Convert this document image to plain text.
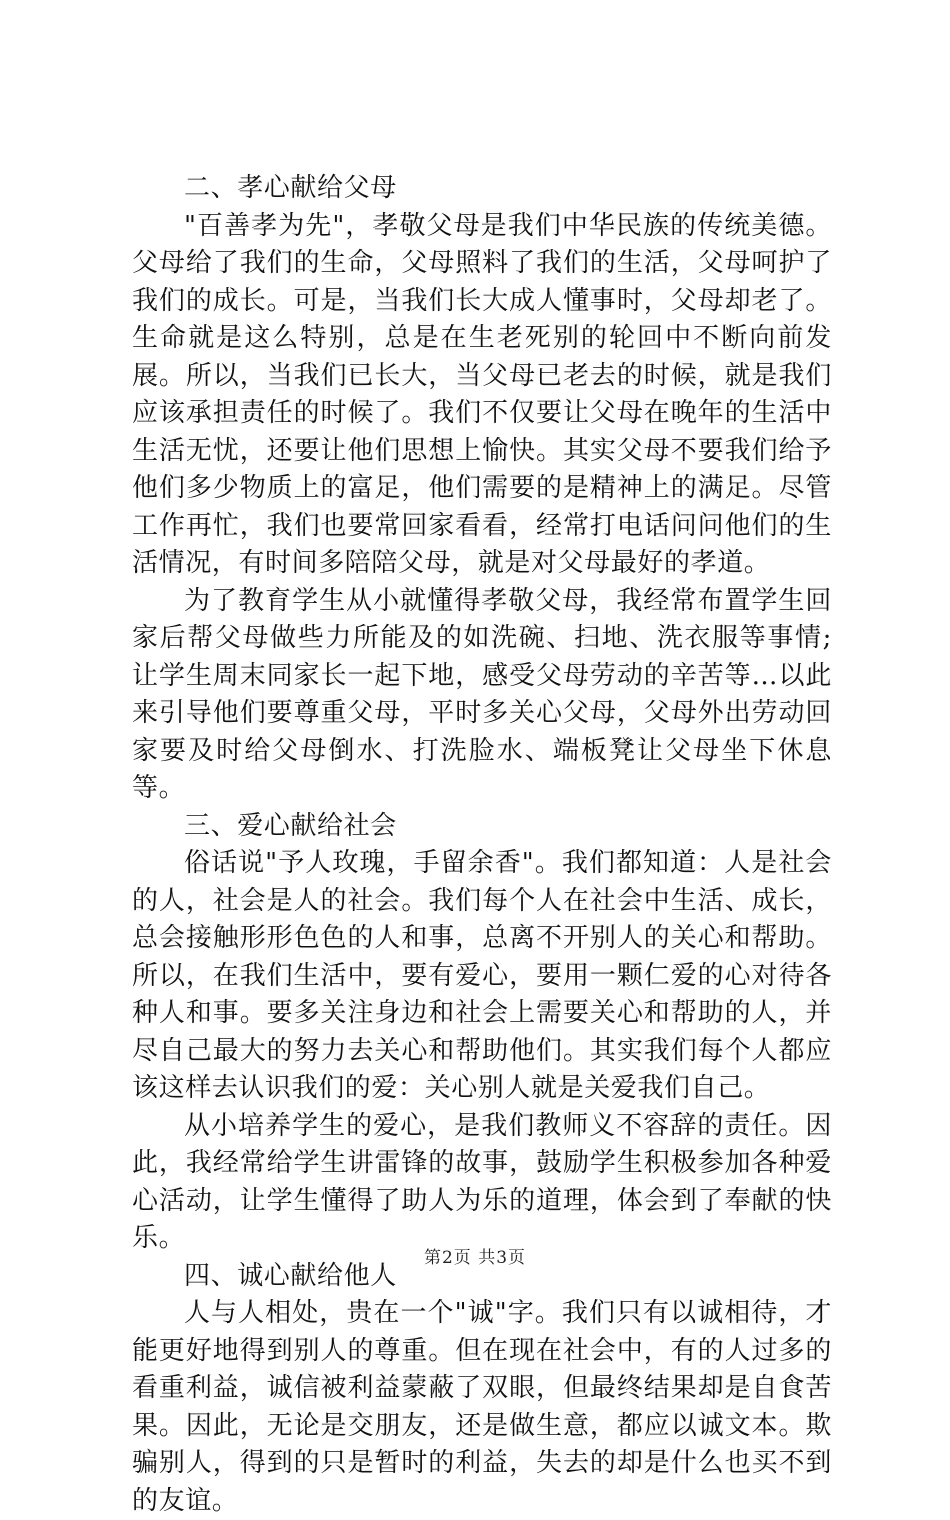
二、孝心献给父母

"百善孝为先"，孝敬父母是我们中华民族的传统美德。父母给了我们的生命，父母照料了我们的生活，父母呵护了我们的成长。可是，当我们长大成人懂事时，父母却老了。生命就是这么特别，总是在生老死别的轮回中不断向前发展。所以，当我们已长大，当父母已老去的时候，就是我们应该承担责任的时候了。我们不仅要让父母在晚年的生活中生活无忧，还要让他们思想上愉快。其实父母不要我们给予他们多少物质上的富足，他们需要的是精神上的满足。尽管工作再忙，我们也要常回家看看，经常打电话问问他们的生活情况，有时间多陪陪父母，就是对父母最好的孝道。

为了教育学生从小就懂得孝敬父母，我经常布置学生回家后帮父母做些力所能及的如洗碗、扫地、洗衣服等事情;让学生周末同家长一起下地，感受父母劳动的辛苦等…以此来引导他们要尊重父母，平时多关心父母，父母外出劳动回家要及时给父母倒水、打洗脸水、端板凳让父母坐下休息等。

三、爱心献给社会

俗话说"予人玫瑰，手留余香"。我们都知道：人是社会的人，社会是人的社会。我们每个人在社会中生活、成长，总会接触形形色色的人和事，总离不开别人的关心和帮助。所以，在我们生活中，要有爱心，要用一颗仁爱的心对待各种人和事。要多关注身边和社会上需要关心和帮助的人，并尽自己最大的努力去关心和帮助他们。其实我们每个人都应该这样去认识我们的爱：关心别人就是关爱我们自己。

从小培养学生的爱心，是我们教师义不容辞的责任。因此，我经常给学生讲雷锋的故事，鼓励学生积极参加各种爱心活动，让学生懂得了助人为乐的道理，体会到了奉献的快乐。

四、诚心献给他人

人与人相处，贵在一个"诚"字。我们只有以诚相待，才能更好地得到别人的尊重。但在现在社会中，有的人过多的看重利益，诚信被利益蒙蔽了双眼，但最终结果却是自食苦果。因此，无论是交朋友，还是做生意，都应以诚文本。欺骗别人，得到的只是暂时的利益，失去的却是什么也买不到的友谊。

第2页 共3页
